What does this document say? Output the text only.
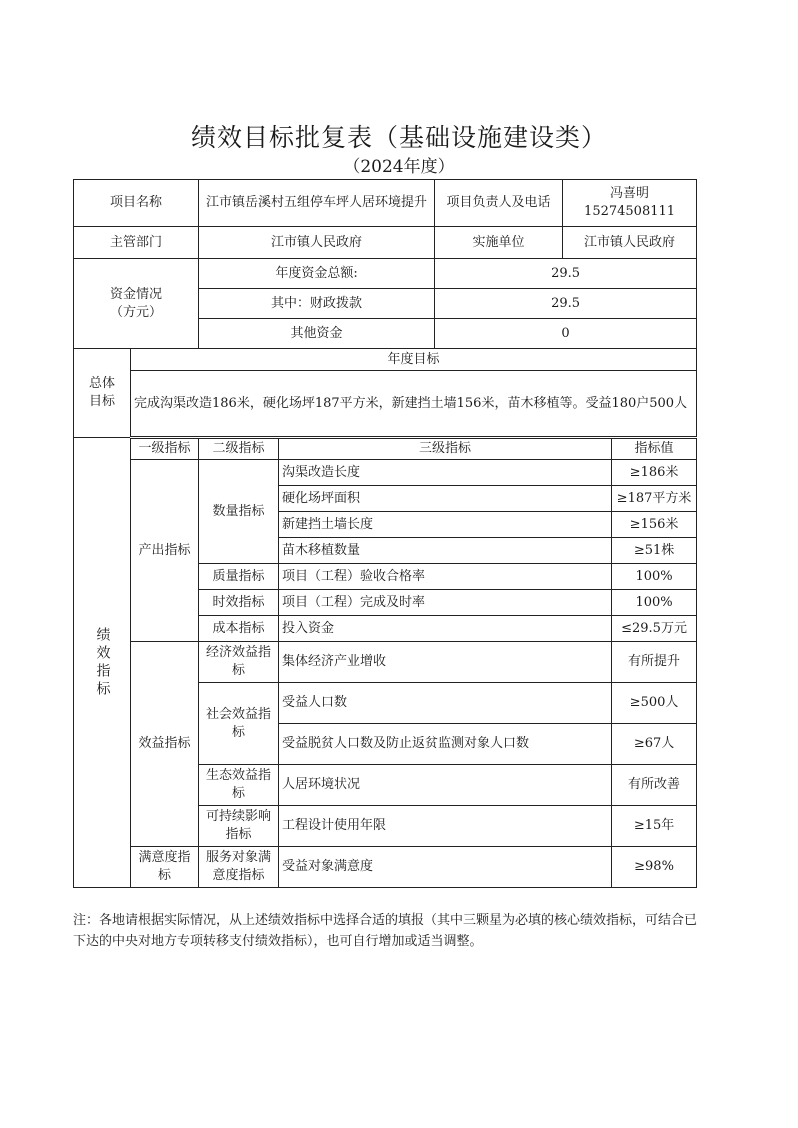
绩效目标批复表（基础设施建设类）
（2024年度）
项目名称		江市镇岳溪村五组停车坪人居环境提升		项目负责人及电话	冯喜明
15274508111	

主管部门		江市镇人民政府		实施单位	江市镇人民政府	

资金情况
（方元）		年度资金总额:		29.5		
		其中：财政拨款		29.5		
		其他资金		0		

总体
目标	年度目标					
	完成沟渠改造186米，硬化场坪187平方米，新建挡土墙156米，苗木移植等。受益180户500人					

绩效指标	一级指标	二级指标	三级指标			指标值
	产出指标	数量指标	沟渠改造长度			≥186米
			硬化场坪面积			≥187平方米
			新建挡土墙长度			≥156米
			苗木移植数量			≥51株
		质量指标	项目（工程）验收合格率			100%
		时效指标	项目（工程）完成及时率			100%
		成本指标	投入资金			≤29.5万元
	效益指标	经济效益指标	集体经济产业增收			有所提升
		社会效益指标	受益人口数			≥500人
			受益脱贫人口数及防止返贫监测对象人口数			≥67人
		生态效益指标	人居环境状况			有所改善
		可持续影响指标	工程设计使用年限			≥15年
	满意度指标	服务对象满意度指标	受益对象满意度			≥98%
注：各地请根据实际情况，从上述绩效指标中选择合适的填报（其中三颗星为必填的核心绩效指标，可结合已下达的中央对地方专项转移支付绩效指标），也可自行增加或适当调整。
